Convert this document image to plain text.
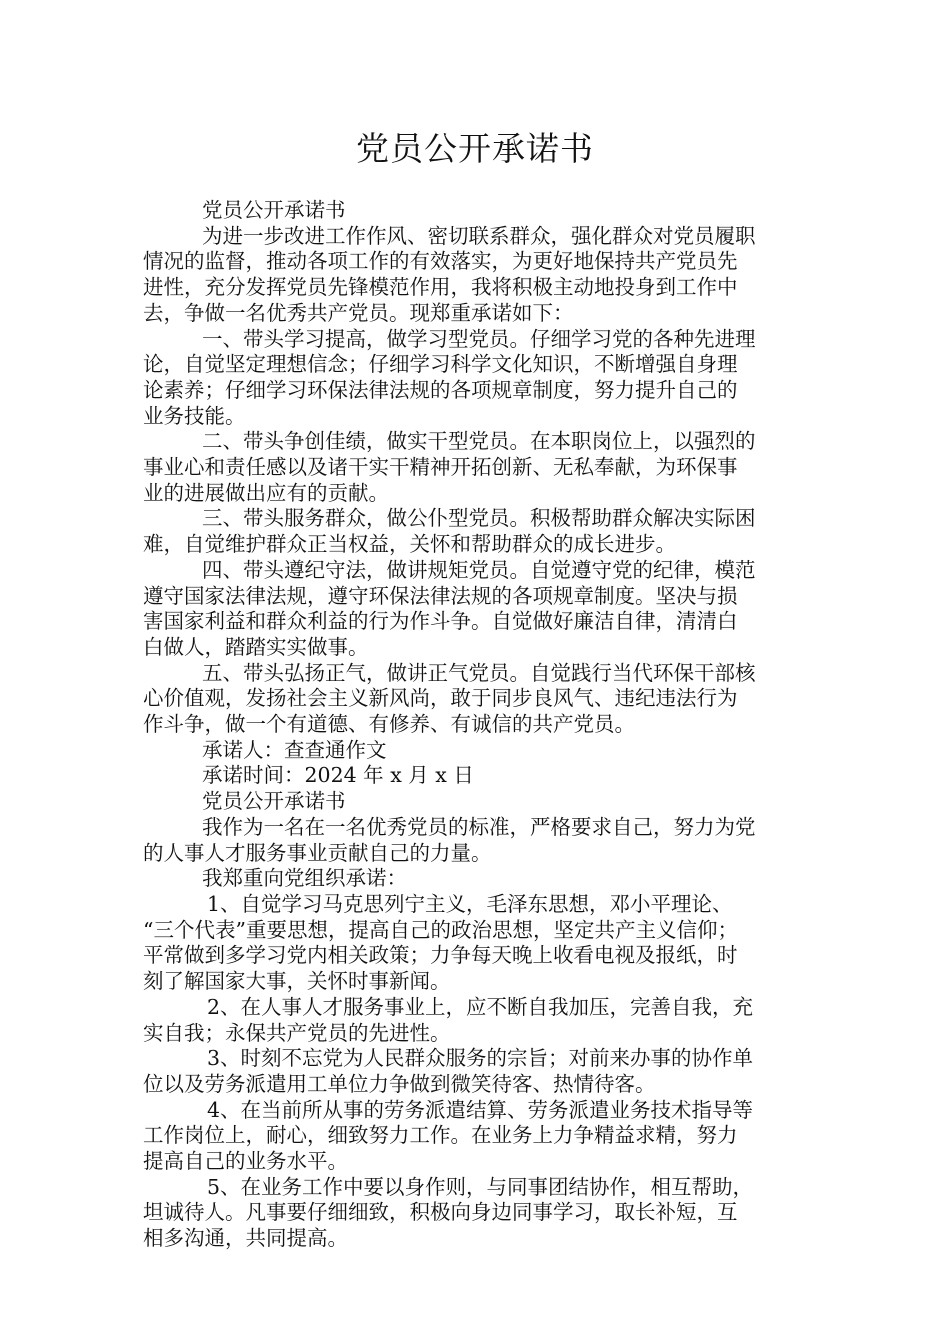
党员公开承诺书
党员公开承诺书
为进一步改进工作作风、密切联系群众，强化群众对党员履职
情况的监督，推动各项工作的有效落实，为更好地保持共产党员先
进性，充分发挥党员先锋模范作用，我将积极主动地投身到工作中
去，争做一名优秀共产党员。现郑重承诺如下：
一、带头学习提高，做学习型党员。仔细学习党的各种先进理
论，自觉坚定理想信念；仔细学习科学文化知识，不断增强自身理
论素养；仔细学习环保法律法规的各项规章制度，努力提升自己的
业务技能。
二、带头争创佳绩，做实干型党员。在本职岗位上，以强烈的
事业心和责任感以及诸干实干精神开拓创新、无私奉献，为环保事
业的进展做出应有的贡献。
三、带头服务群众，做公仆型党员。积极帮助群众解决实际困
难，自觉维护群众正当权益，关怀和帮助群众的成长进步。
四、带头遵纪守法，做讲规矩党员。自觉遵守党的纪律，模范
遵守国家法律法规，遵守环保法律法规的各项规章制度。坚决与损
害国家利益和群众利益的行为作斗争。自觉做好廉洁自律，清清白
白做人，踏踏实实做事。
五、带头弘扬正气，做讲正气党员。自觉践行当代环保干部核
心价值观，发扬社会主义新风尚，敢于同步良风气、违纪违法行为
作斗争，做一个有道德、有修养、有诚信的共产党员。
承诺人：查查通作文
承诺时间：2024 年 x 月 x 日
党员公开承诺书
我作为一名在一名优秀党员的标准，严格要求自己，努力为党
的人事人才服务事业贡献自己的力量。
我郑重向党组织承诺：
1、自觉学习马克思列宁主义，毛泽东思想，邓小平理论、
“三个代表”重要思想，提高自己的政治思想，坚定共产主义信仰；
平常做到多学习党内相关政策；力争每天晚上收看电视及报纸，时
刻了解国家大事，关怀时事新闻。
2、在人事人才服务事业上，应不断自我加压，完善自我，充
实自我；永保共产党员的先进性。
3、时刻不忘党为人民群众服务的宗旨；对前来办事的协作单
位以及劳务派遣用工单位力争做到微笑待客、热情待客。
4、在当前所从事的劳务派遣结算、劳务派遣业务技术指导等
工作岗位上，耐心，细致努力工作。在业务上力争精益求精，努力
提高自己的业务水平。
5、在业务工作中要以身作则，与同事团结协作，相互帮助，
坦诚待人。凡事要仔细细致，积极向身边同事学习，取长补短，互
相多沟通，共同提高。
